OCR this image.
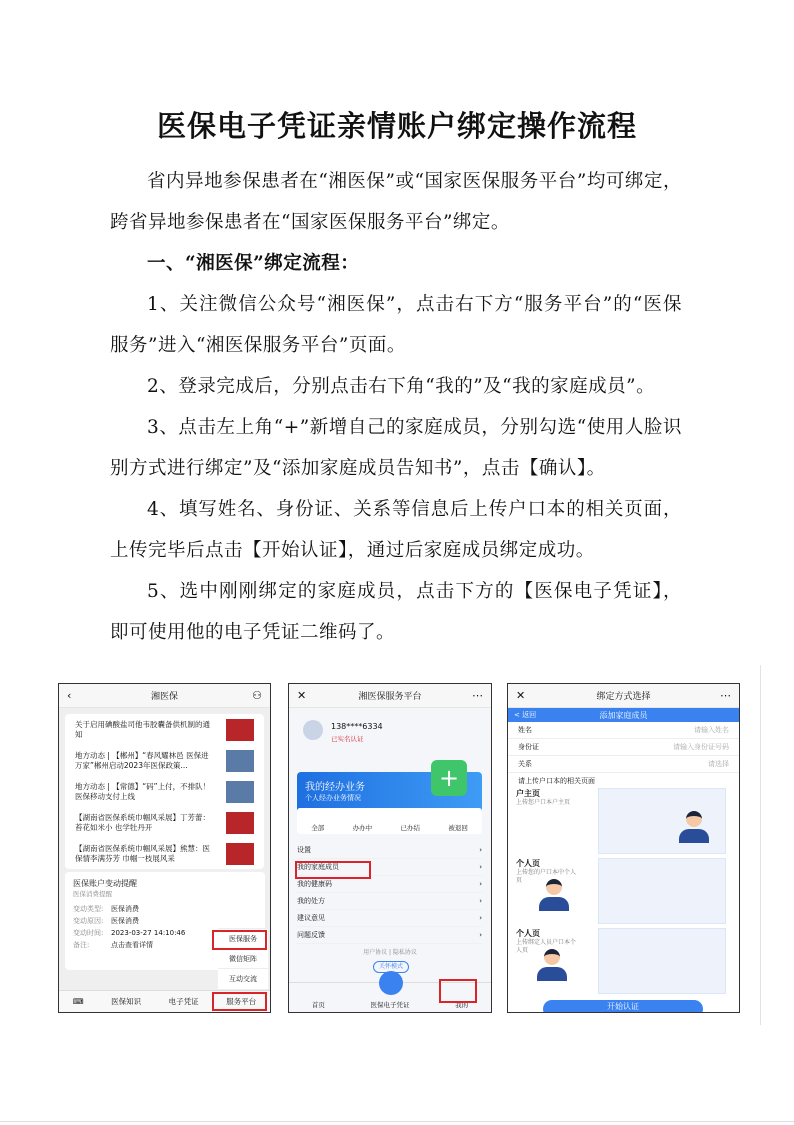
医保电子凭证亲情账户绑定操作流程
省内异地参保患者在“湘医保”或“国家医保服务平台”均可绑定，跨省异地参保患者在“国家医保服务平台”绑定。
一、“湘医保”绑定流程：
1、关注微信公众号“湘医保”，点击右下方“服务平台”的“医保服务”进入“湘医保服务平台”页面。
2、登录完成后，分别点击右下角“我的”及“我的家庭成员”。
3、点击左上角“+”新增自己的家庭成员，分别勾选“使用人脸识别方式进行绑定”及“添加家庭成员告知书”，点击【确认】。
4、填写姓名、身份证、关系等信息后上传户口本的相关页面，上传完毕后点击【开始认证】，通过后家庭成员绑定成功。
5、选中刚刚绑定的家庭成员，点击下方的【医保电子凭证】，即可使用他的电子凭证二维码了。
‹	湘医保	⚇
关于启用碘酸盐司他韦胶囊备供机制的通知
地方动态 | 【郴州】“春风耀林邑 医保进万家”郴州启动2023年医保政策...
地方动态 | 【常德】“码”上付，不排队！医保移动支付上线
【湖南省医保系统巾帼风采展】丁芳蕾：苔花如米小 也学牡丹开
【湖南省医保系统巾帼风采展】熊慧：医保情李满芬芳 巾帼一枝展风采
医保账户变动提醒
医保消费提醒
变动类型:	医保消费
变动原因:	医保消费
变动时间:	2023-03-27 14:10:46
备注:	点击查看详情
医保服务
微信矩阵
互动交流
⌨	医保知识	电子凭证	服务平台
✕	湘医保服务平台	⋯
138****6334
已实名认证
我的经办业务
个人经办业务情况
+
全部	办办中	已办结	被退回
设置	›
我的家庭成员	›
我的健康码	›
我的处方	›
建议意见	›
问题反馈	›
用户协议 | 隐私协议
关怀模式
首页	医保电子凭证	我的
✕	绑定方式选择	⋯
< 返回	添加家庭成员
姓名	请输入姓名
身份证	请输入身份证号码
关系	请选择
请上传户口本的相关页面
户主页
上传您户口本户主页
个人页
上传您的户口本中个人页
个人页
上传绑定人员户口本个人页
开始认证
